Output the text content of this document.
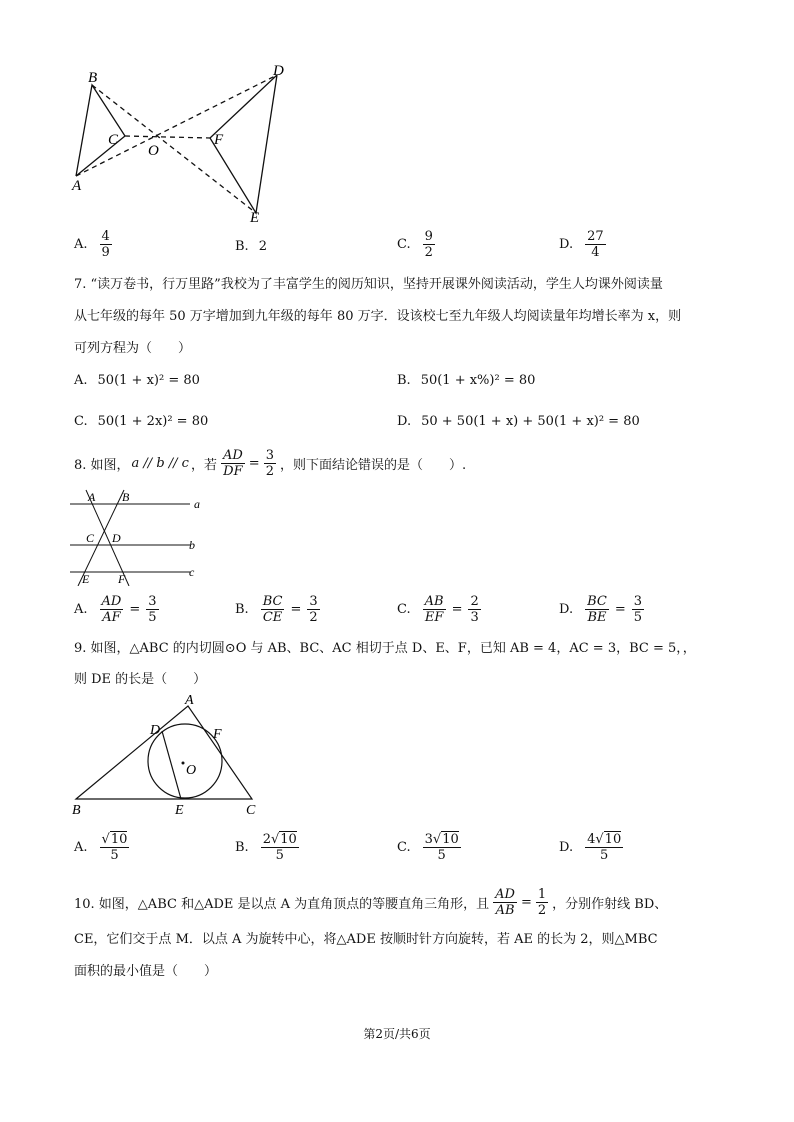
B
A
C
O
F
D
E
A. $\frac{4}{9}$	B. 2	C. $\frac{9}{2}$	D. $\frac{27}{4}$
7. “读万卷书，行万里路”我校为了丰富学生的阅历知识，坚持开展课外阅读活动，学生人均课外阅读量
从七年级的每年 50 万字增加到九年级的每年 80 万字．设该校七至九年级人均阅读量年均增长率为 x，则
可列方程为（　　）
A. 50(1 + x)² = 80	B. 50(1 + x%)² = 80
C. 50(1 + 2x)² = 80	D. 50 + 50(1 + x) + 50(1 + x)² = 80
8. 如图， a // b // c ，若 $\frac{AD}{DF} = \frac{3}{2}$ ，则下面结论错误的是（　　）.
A B
C D
E F
a
b
c
A. $\frac{AD}{AF} = \frac{3}{5}$	B. $\frac{BC}{CE} = \frac{3}{2}$	C. $\frac{AB}{EF} = \frac{2}{3}$	D. $\frac{BC}{BE} = \frac{3}{5}$
9. 如图，△ABC 的内切圆⊙O 与 AB、BC、AC 相切于点 D、E、F，已知 AB = 4，AC = 3，BC = 5，，
则 DE 的长是（　　）
A
B	C
D
E
F
O
A. $\frac{√10}{5}$	B. $\frac{2√10}{5}$	C. $\frac{3√10}{5}$	D. $\frac{4√10}{5}$
10. 如图，△ABC 和△ADE 是以点 A 为直角顶点的等腰直角三角形，且 $\frac{AD}{AB} = \frac{1}{2}$ ，分别作射线 BD、
CE，它们交于点 M．以点 A 为旋转中心，将△ADE 按顺时针方向旋转，若 AE 的长为 2，则△MBC
面积的最小值是（　　）
第2页/共6页
